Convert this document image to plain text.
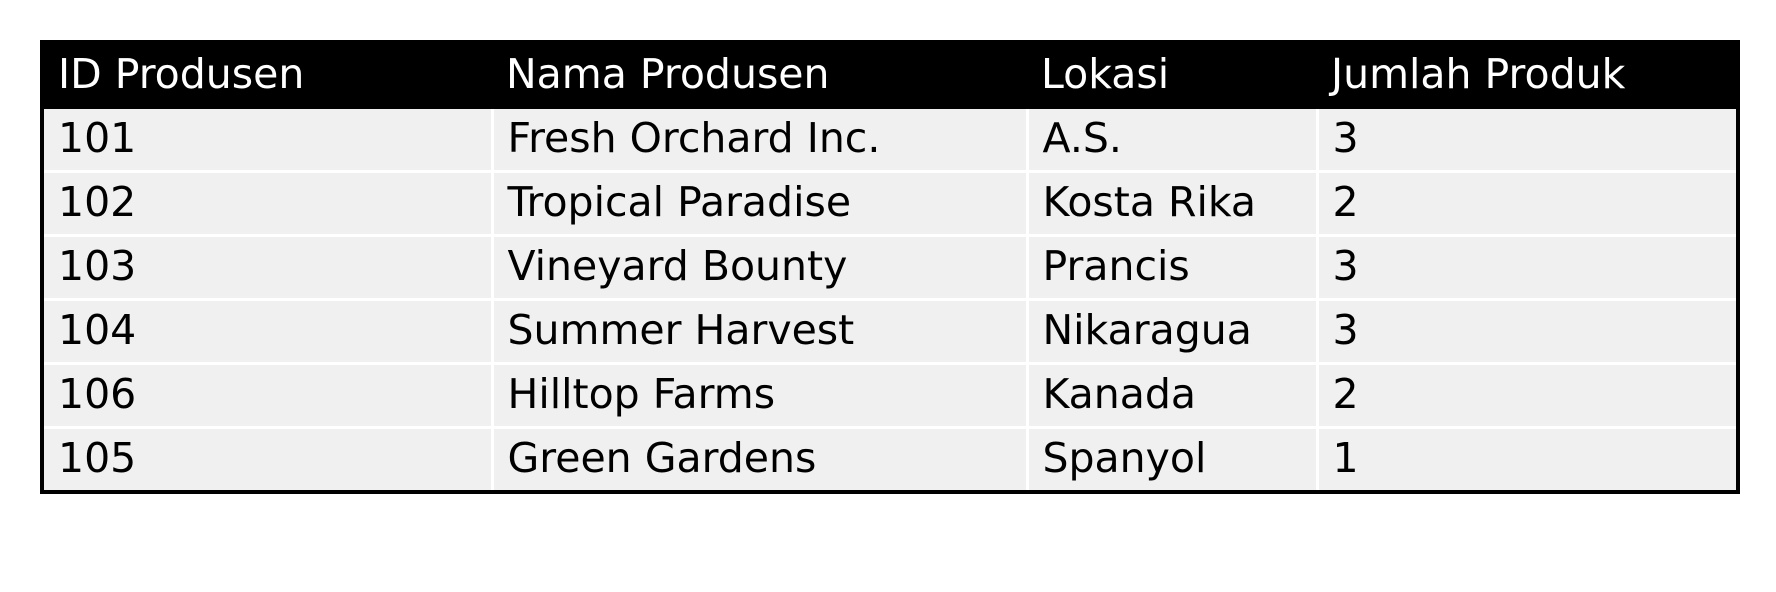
ID Produsen	Nama Produsen	Lokasi	Jumlah Produk
101	Fresh Orchard Inc.	A.S.	3
102	Tropical Paradise	Kosta Rika	2
103	Vineyard Bounty	Prancis	3
104	Summer Harvest	Nikaragua	3
106	Hilltop Farms	Kanada	2
105	Green Gardens	Spanyol	1
